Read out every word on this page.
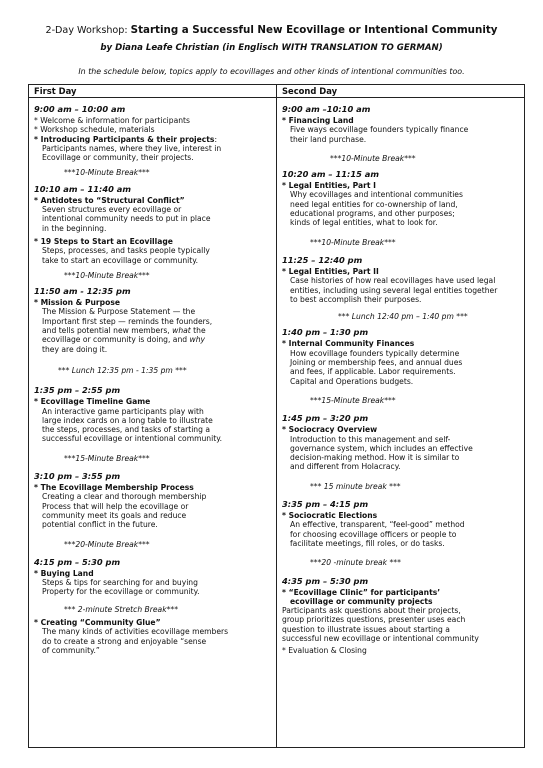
2-Day Workshop: Starting a Successful New Ecovillage or Intentional Community
by Diana Leafe Christian (in Englisch WITH TRANSLATION TO GERMAN)
In the schedule below, topics apply to ecovillages and other kinds of intentional communities too.
First Day
9:00 am – 10:00 am
* Welcome & information for participants
* Workshop schedule, materials
* Introducing Participants & their projects:
Participants names, where they live, interest in
Ecovillage or community, their projects.
***10-Minute Break***
10:10 am – 11:40 am
* Antidotes to “Structural Conflict”
Seven structures every ecovillage or
intentional community needs to put in place
in the beginning.
* 19 Steps to Start an Ecovillage
Steps, processes, and tasks people typically
take to start an ecovillage or community.
***10-Minute Break***
11:50 am - 12:35 pm
* Mission & Purpose
The Mission & Purpose Statement — the
Important first step — reminds the founders,
and tells potential new members, what the
ecovillage or community is doing, and why
they are doing it.
*** Lunch 12:35 pm - 1:35 pm ***
1:35 pm – 2:55 pm
* Ecovillage Timeline Game
An interactive game participants play with
large index cards on a long table to illustrate
the steps, processes, and tasks of starting a
successful ecovillage or intentional community.
***15-Minute Break***
3:10 pm – 3:55 pm
* The Ecovillage Membership Process
Creating a clear and thorough membership
Process that will help the ecovillage or
community meet its goals and reduce
potential conflict in the future.
***20-Minute Break***
4:15 pm – 5:30 pm
* Buying Land
Steps & tips for searching for and buying
Property for the ecovillage or community.
*** 2-minute Stretch Break***
* Creating “Community Glue”
The many kinds of activities ecovillage members
do to create a strong and enjoyable “sense
of community.”
Second Day
9:00 am –10:10 am
* Financing Land
Five ways ecovillage founders typically finance
their land purchase.
***10-Minute Break***
10:20 am – 11:15 am
* Legal Entities, Part I
Why ecovillages and intentional communities
need legal entities for co-ownership of land,
educational programs, and other purposes;
kinds of legal entities, what to look for.
***10-Minute Break***
11:25 – 12:40 pm
* Legal Entities, Part II
Case histories of how real ecovillages have used legal
entities, including using several legal entities together
to best accomplish their purposes.
*** Lunch 12:40 pm – 1:40 pm ***
1:40 pm – 1:30 pm
* Internal Community Finances
How ecovillage founders typically determine
Joining or membership fees, and annual dues
and fees, if applicable. Labor requirements.
Capital and Operations budgets.
***15-Minute Break***
1:45 pm – 3:20 pm
* Sociocracy Overview
Introduction to this management and self-
governance system, which includes an effective
decision-making method. How it is similar to
and different from Holacracy.
*** 15 minute break ***
3:35 pm – 4:15 pm
* Sociocratic Elections
An effective, transparent, “feel-good” method
for choosing ecovillage officers or people to
facilitate meetings, fill roles, or do tasks.
***20 -minute break ***
4:35 pm – 5:30 pm
* “Ecovillage Clinic” for participants’
ecovillage or community projects
Participants ask questions about their projects,
group prioritizes questions, presenter uses each
question to illustrate issues about starting a
successful new ecovillage or intentional community
* Evaluation & Closing
